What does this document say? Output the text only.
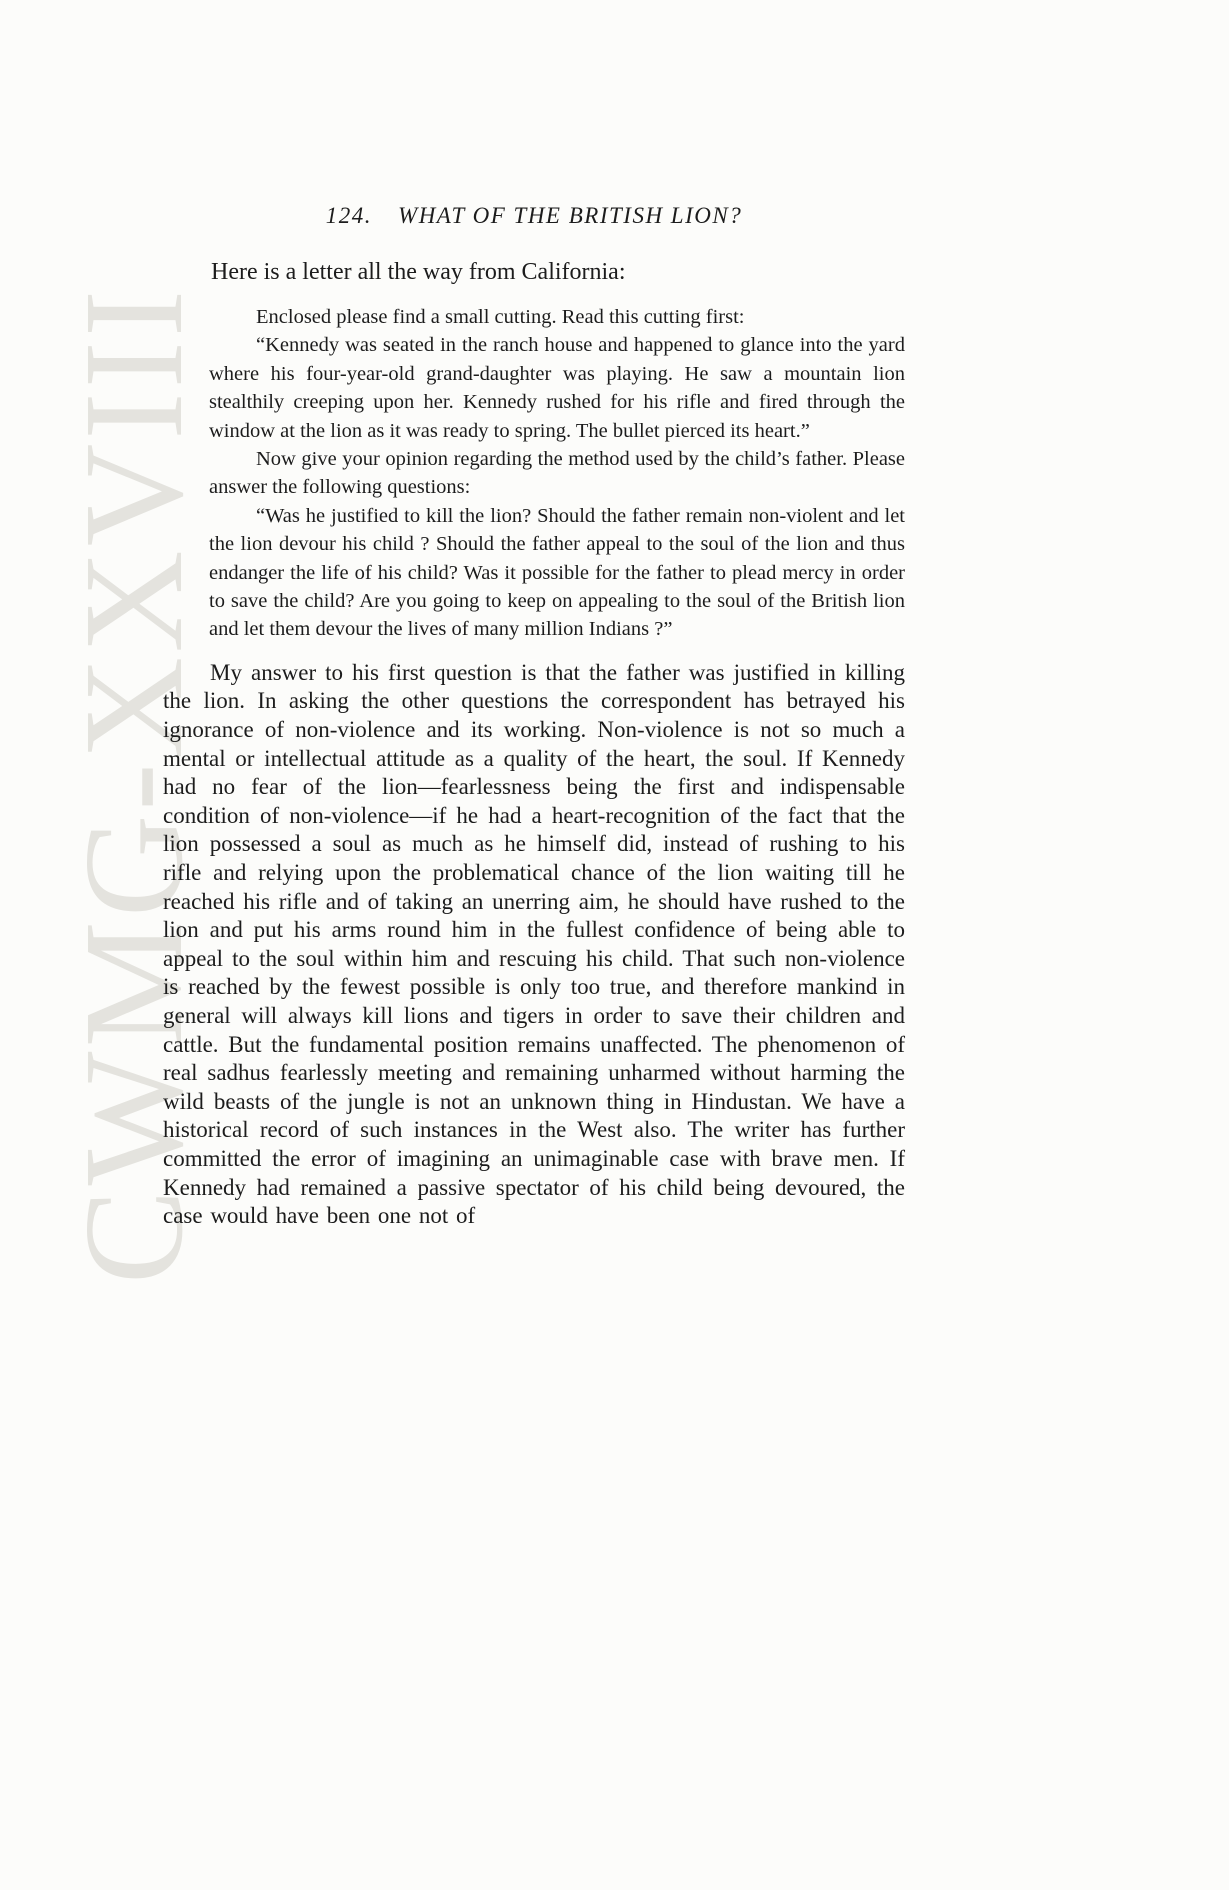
CWMG-XXVIII
124. WHAT OF THE BRITISH LION?

Here is a letter all the way from California:

Enclosed please find a small cutting. Read this cutting first:

“Kennedy was seated in the ranch house and happened to glance into the yard where his four-year-old grand-daughter was playing. He saw a mountain lion stealthily creeping upon her. Kennedy rushed for his rifle and fired through the window at the lion as it was ready to spring. The bullet pierced its heart.”

Now give your opinion regarding the method used by the child’s father. Please answer the following questions:

“Was he justified to kill the lion? Should the father remain non-violent and let the lion devour his child ? Should the father appeal to the soul of the lion and thus endanger the life of his child? Was it possible for the father to plead mercy in order to save the child? Are you going to keep on appealing to the soul of the British lion and let them devour the lives of many million Indians ?”

My answer to his first question is that the father was justified in killing the lion. In asking the other questions the correspondent has betrayed his ignorance of non-violence and its working. Non-violence is not so much a mental or intellectual attitude as a quality of the heart, the soul. If Kennedy had no fear of the lion—fearlessness being the first and indispensable condition of non-violence—if he had a heart-recognition of the fact that the lion possessed a soul as much as he himself did, instead of rushing to his rifle and relying upon the problematical chance of the lion waiting till he reached his rifle and of taking an unerring aim, he should have rushed to the lion and put his arms round him in the fullest confidence of being able to appeal to the soul within him and rescuing his child. That such non-violence is reached by the fewest possible is only too true, and therefore mankind in general will always kill lions and tigers in order to save their children and cattle. But the fundamental position remains unaffected. The phenomenon of real sadhus fearlessly meeting and remaining unharmed without harming the wild beasts of the jungle is not an unknown thing in Hindustan. We have a historical record of such instances in the West also. The writer has further committed the error of imagining an unimaginable case with brave men. If Kennedy had remained a passive spectator of his child being devoured, the case would have been one not of
